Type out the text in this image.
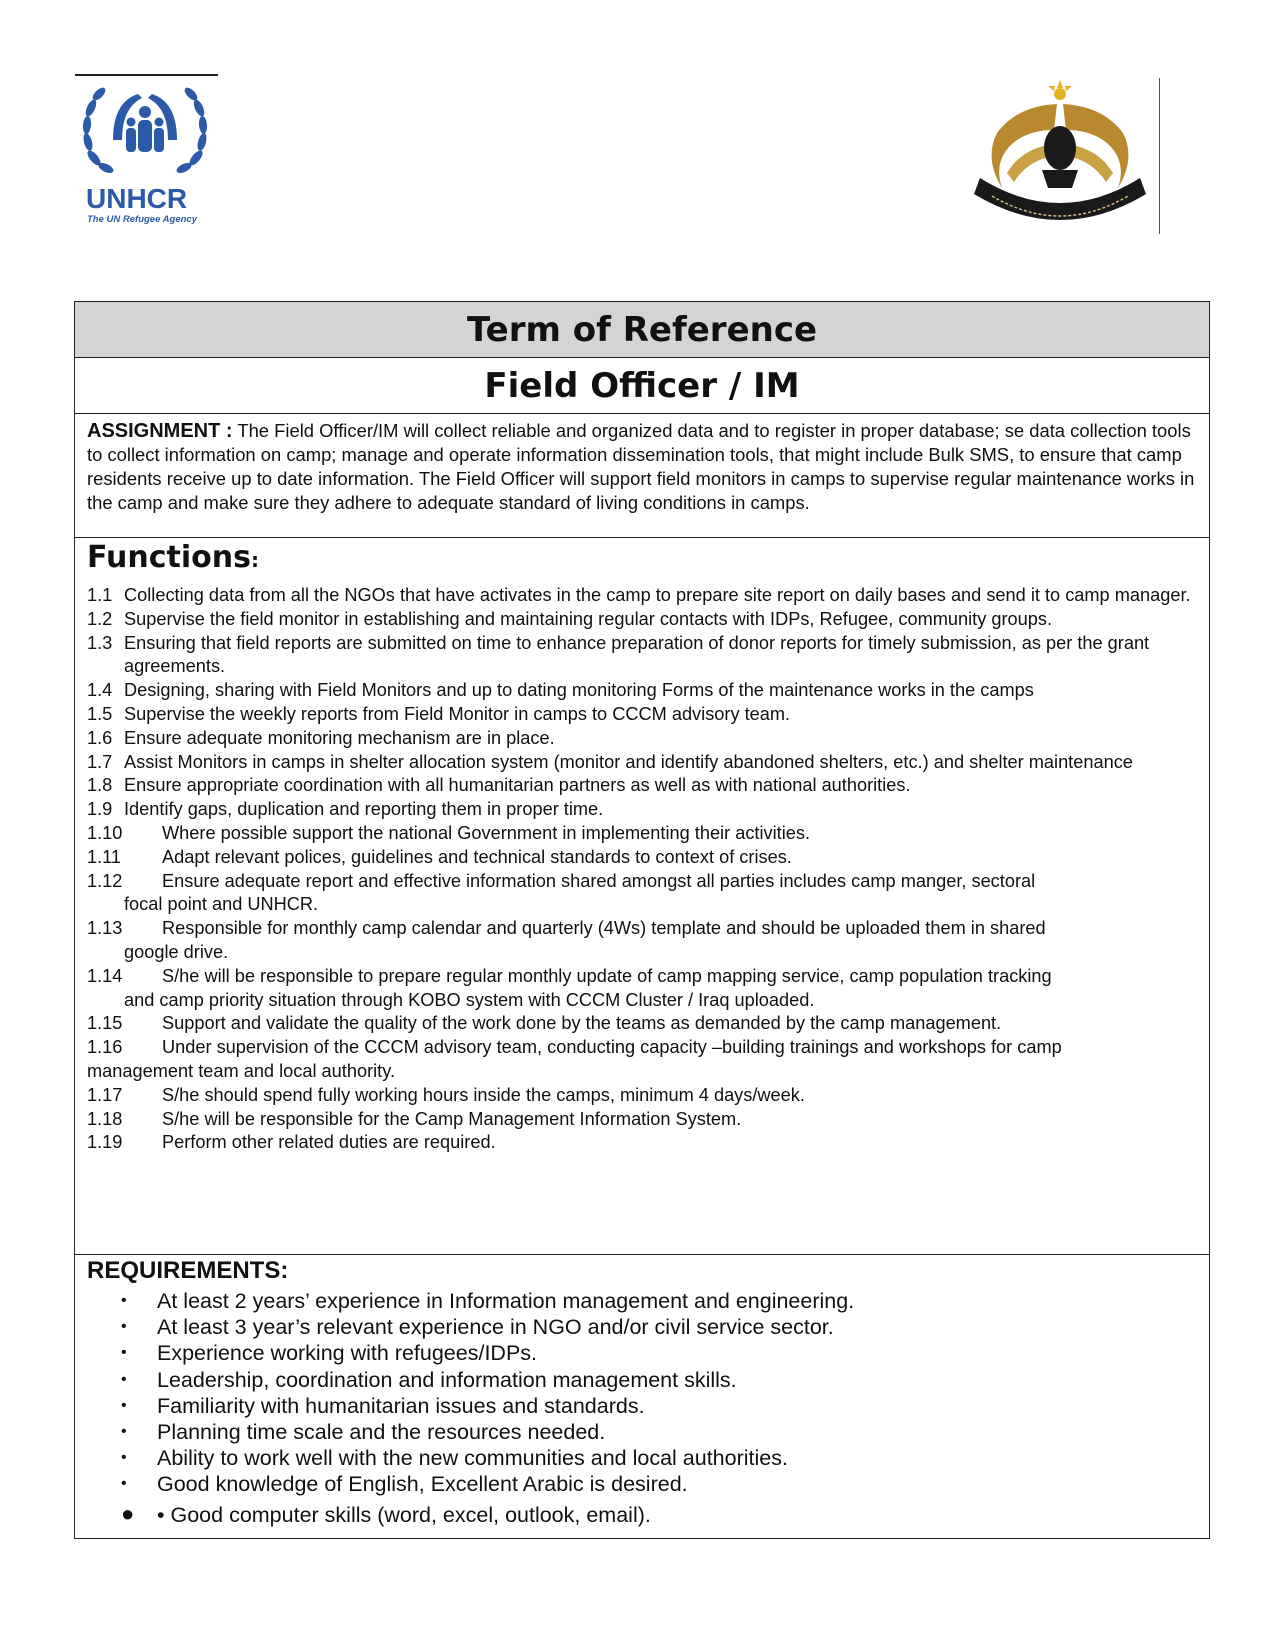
UNHCR
The UN Refugee Agency
Term of Reference
Field Officer / IM
ASSIGNMENT : The Field Officer/IM will collect reliable and organized data and to register in proper database; se data collection tools to collect information on camp; manage and operate information dissemination tools, that might include Bulk SMS, to ensure that camp residents receive up to date information. The Field Officer will support field monitors in camps to supervise regular maintenance works in the camp and make sure they adhere to adequate standard of living conditions in camps.
Functions:
1.1 Collecting data from all the NGOs that have activates in the camp to prepare site report on daily bases and send it to camp manager.
1.2 Supervise the field monitor in establishing and maintaining regular contacts with IDPs, Refugee, community groups.
1.3 Ensuring that field reports are submitted on time to enhance preparation of donor reports for timely submission, as per the grant agreements.
1.4 Designing, sharing with Field Monitors and up to dating monitoring Forms of the maintenance works in the camps
1.5 Supervise the weekly reports from Field Monitor in camps to CCCM advisory team.
1.6 Ensure adequate monitoring mechanism are in place.
1.7 Assist Monitors in camps in shelter allocation system (monitor and identify abandoned shelters, etc.) and shelter maintenance
1.8 Ensure appropriate coordination with all humanitarian partners as well as with national authorities.
1.9 Identify gaps, duplication and reporting them in proper time.
1.10 Where possible support the national Government in implementing their activities.
1.11 Adapt relevant polices, guidelines and technical standards to context of crises.
1.12 Ensure adequate report and effective information shared amongst all parties includes camp manger, sectoral
focal point and UNHCR.
1.13 Responsible for monthly camp calendar and quarterly (4Ws) template and should be uploaded them in shared
google drive.
1.14 S/he will be responsible to prepare regular monthly update of camp mapping service, camp population tracking
and camp priority situation through KOBO system with CCCM Cluster / Iraq uploaded.
1.15 Support and validate the quality of the work done by the teams as demanded by the camp management.
1.16 Under supervision of the CCCM advisory team, conducting capacity –building trainings and workshops for camp
management team and local authority.
1.17 S/he should spend fully working hours inside the camps, minimum 4 days/week.
1.18 S/he will be responsible for the Camp Management Information System.
1.19 Perform other related duties are required.
REQUIREMENTS:
• At least 2 years’ experience in Information management and engineering.
• At least 3 year’s relevant experience in NGO and/or civil service sector.
• Experience working with refugees/IDPs.
• Leadership, coordination and information management skills.
• Familiarity with humanitarian issues and standards.
• Planning time scale and the resources needed.
• Ability to work well with the new communities and local authorities.
• Good knowledge of English, Excellent Arabic is desired.
● • Good computer skills (word, excel, outlook, email).
